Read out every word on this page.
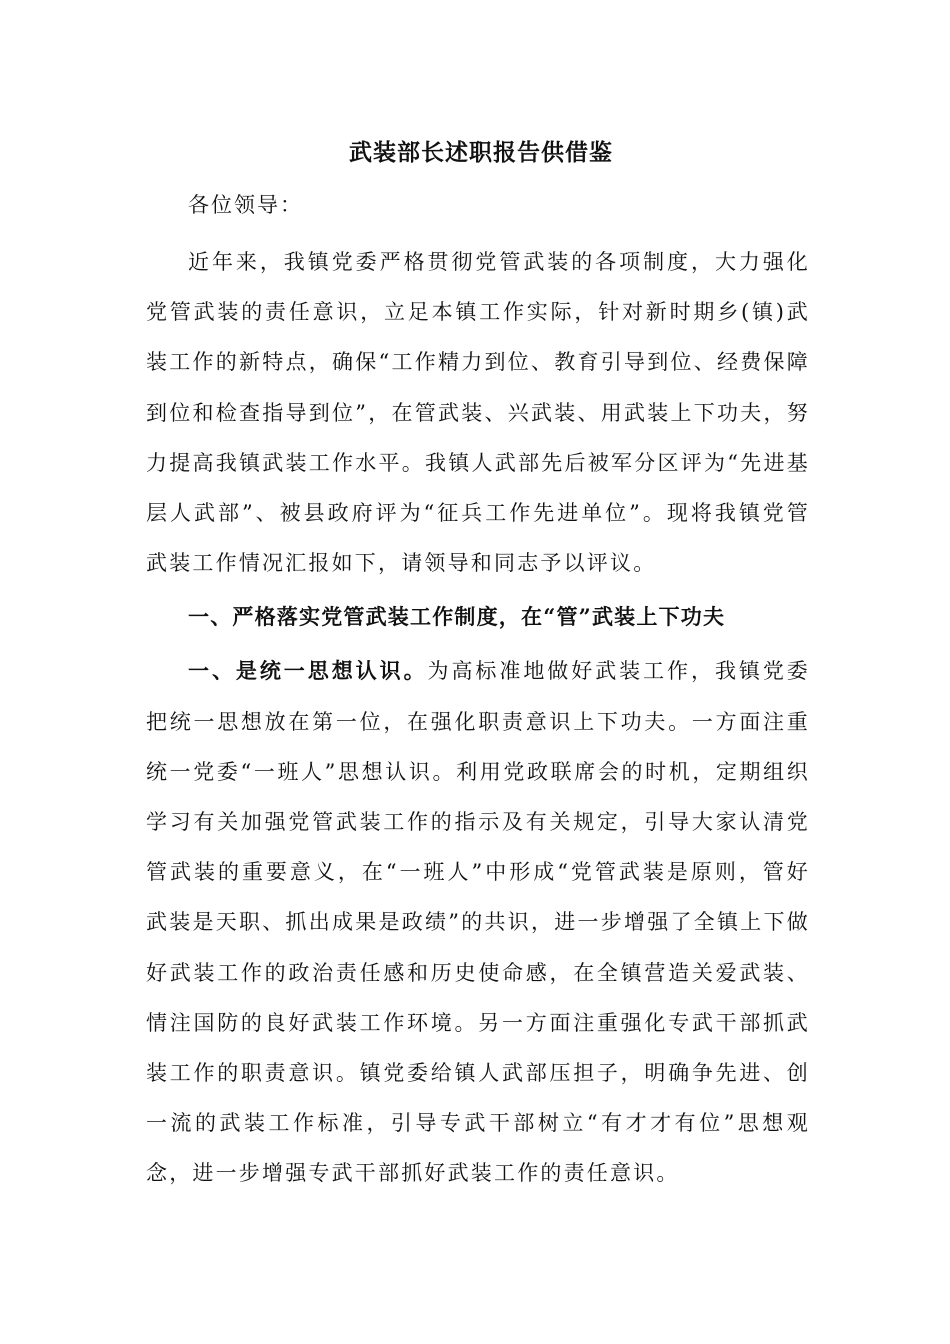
武装部长述职报告供借鉴
各位领导：

近年来，我镇党委严格贯彻党管武装的各项制度，大力强化党管武装的责任意识，立足本镇工作实际，针对新时期乡(镇)武装工作的新特点，确保“工作精力到位、教育引导到位、经费保障到位和检查指导到位”，在管武装、兴武装、用武装上下功夫，努力提高我镇武装工作水平。我镇人武部先后被军分区评为“先进基层人武部”、被县政府评为“征兵工作先进单位”。现将我镇党管武装工作情况汇报如下，请领导和同志予以评议。

一、严格落实党管武装工作制度，在“管”武装上下功夫

一、是统一思想认识。为高标准地做好武装工作，我镇党委把统一思想放在第一位，在强化职责意识上下功夫。一方面注重统一党委“一班人”思想认识。利用党政联席会的时机，定期组织学习有关加强党管武装工作的指示及有关规定，引导大家认清党管武装的重要意义，在“一班人”中形成“党管武装是原则，管好武装是天职、抓出成果是政绩”的共识，进一步增强了全镇上下做好武装工作的政治责任感和历史使命感，在全镇营造关爱武装、情注国防的良好武装工作环境。另一方面注重强化专武干部抓武装工作的职责意识。镇党委给镇人武部压担子，明确争先进、创一流的武装工作标准，引导专武干部树立“有才才有位”思想观念，进一步增强专武干部抓好武装工作的责任意识。
